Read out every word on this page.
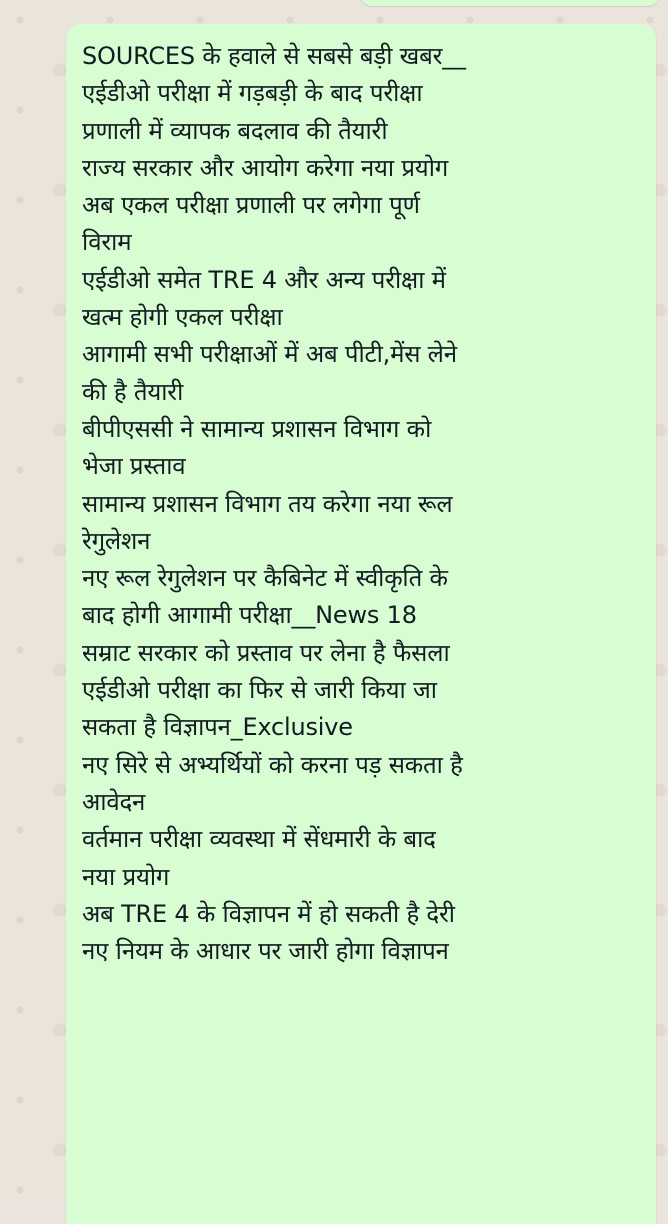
SOURCES के हवाले से सबसे बड़ी खबर__
एईडीओ परीक्षा में गड़बड़ी के बाद परीक्षा
प्रणाली में व्यापक बदलाव की तैयारी
राज्य सरकार और आयोग करेगा नया प्रयोग
अब एकल परीक्षा प्रणाली पर लगेगा पूर्ण
विराम
एईडीओ समेत TRE 4 और अन्य परीक्षा में
खत्म होगी एकल परीक्षा
आगामी सभी परीक्षाओं में अब पीटी,मेंस लेने
की है तैयारी
बीपीएससी ने सामान्य प्रशासन विभाग को
भेजा प्रस्ताव
सामान्य प्रशासन विभाग तय करेगा नया रूल
रेगुलेशन
नए रूल रेगुलेशन पर कैबिनेट में स्वीकृति के
बाद होगी आगामी परीक्षा__News 18
सम्राट सरकार को प्रस्ताव पर लेना है फैसला
एईडीओ परीक्षा का फिर से जारी किया जा
सकता है विज्ञापन_Exclusive
नए सिरे से अभ्यर्थियों को करना पड़ सकता है
आवेदन
वर्तमान परीक्षा व्यवस्था में सेंधमारी के बाद
नया प्रयोग
अब TRE 4 के विज्ञापन में हो सकती है देरी
नए नियम के आधार पर जारी होगा विज्ञापन
